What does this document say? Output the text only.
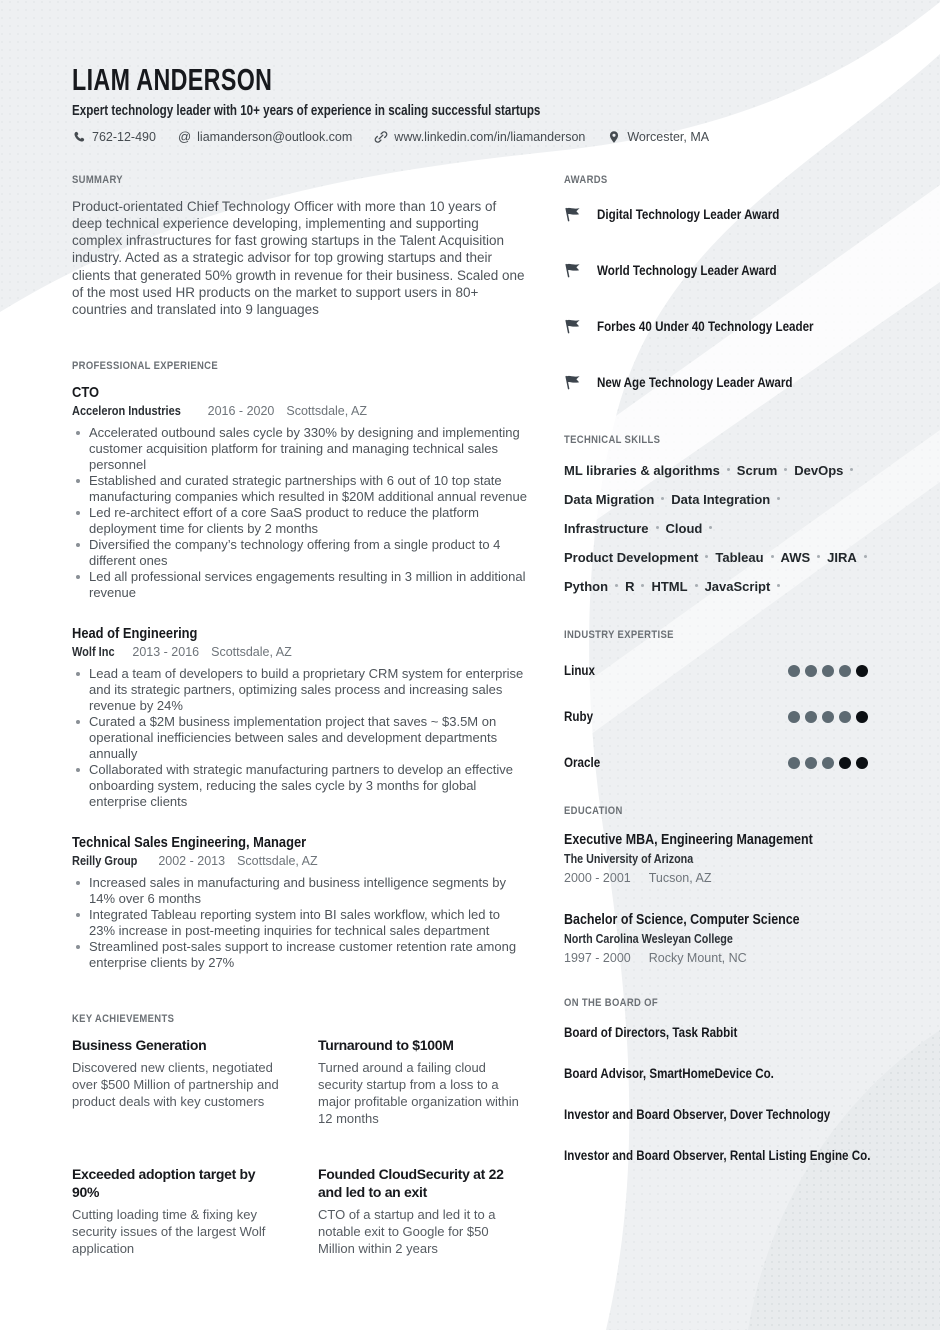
LIAM ANDERSON
Expert technology leader with 10+ years of experience in scaling successful startups
762-12-490 @ liamanderson@outlook.com	www.linkedin.com/in/liamanderson	Worcester, MA
SUMMARY
Product-orientated Chief Technology Officer with more than 10 years of deep technical experience developing, implementing and supporting complex infrastructures for fast growing startups in the Talent Acquisition industry. Acted as a strategic advisor for top growing startups and their clients that generated 50% growth in revenue for their business. Scaled one of the most used HR products on the market to support users in 80+ countries and translated into 9 languages
PROFESSIONAL EXPERIENCE
CTO
Acceleron Industries 2016 - 2020 Scottsdale, AZ
Accelerated outbound sales cycle by 330% by designing and implementing customer acquisition platform for training and managing technical sales personnel
Established and curated strategic partnerships with 6 out of 10 top state manufacturing companies which resulted in $20M additional annual revenue
Led re-architect effort of a core SaaS product to reduce the platform deployment time for clients by 2 months
Diversified the company’s technology offering from a single product to 4 different ones
Led all professional services engagements resulting in 3 million in additional revenue
Head of Engineering
Wolf Inc 2013 - 2016 Scottsdale, AZ
Lead a team of developers to build a proprietary CRM system for enterprise and its strategic partners, optimizing sales process and increasing sales revenue by 24%
Curated a $2M business implementation project that saves ~ $3.5M on operational inefficiencies between sales and development departments annually
Collaborated with strategic manufacturing partners to develop an effective onboarding system, reducing the sales cycle by 3 months for global enterprise clients
Technical Sales Engineering, Manager
Reilly Group 2002 - 2013 Scottsdale, AZ
Increased sales in manufacturing and business intelligence segments by 14% over 6 months
Integrated Tableau reporting system into BI sales workflow, which led to 23% increase in post-meeting inquiries for technical sales department
Streamlined post-sales support to increase customer retention rate among enterprise clients by 27%
KEY ACHIEVEMENTS
Business Generation
Discovered new clients, negotiated over $500 Million of partnership and product deals with key customers
Turnaround to $100M
Turned around a failing cloud security startup from a loss to a major profitable organization within 12 months
Exceeded adoption target by 90%
Cutting loading time & fixing key security issues of the largest Wolf application
Founded CloudSecurity at 22 and led to an exit
CTO of a startup and led it to a notable exit to Google for $50 Million within 2 years
AWARDS
Digital Technology Leader Award
World Technology Leader Award
Forbes 40 Under 40 Technology Leader
New Age Technology Leader Award
TECHNICAL SKILLS
ML libraries & algorithms Scrum DevOps
Data Migration Data Integration
Infrastructure Cloud
Product Development Tableau AWS JIRA
Python R HTML JavaScript
INDUSTRY EXPERTISE
Linux
Ruby
Oracle
EDUCATION
Executive MBA, Engineering Management The University of Arizona
2000 - 2001 Tucson, AZ
Bachelor of Science, Computer Science North Carolina Wesleyan College
1997 - 2000 Rocky Mount, NC
ON THE BOARD OF
Board of Directors, Task Rabbit
Board Advisor, SmartHomeDevice Co.
Investor and Board Observer, Dover Technology
Investor and Board Observer, Rental Listing Engine Co.
